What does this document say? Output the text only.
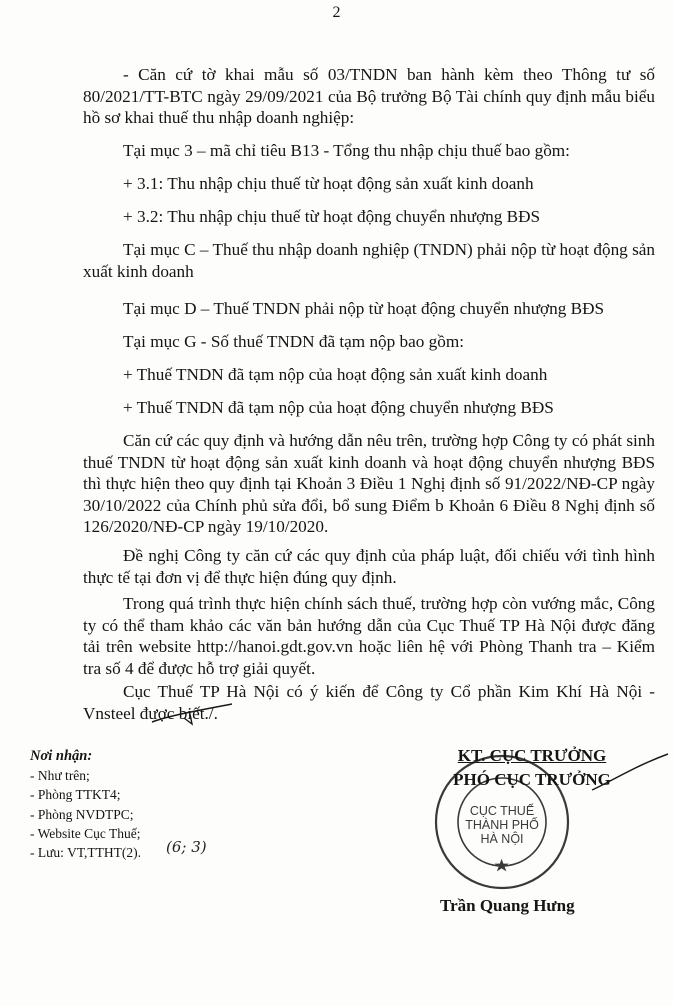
2

- Căn cứ tờ khai mẫu số 03/TNDN ban hành kèm theo Thông tư số 80/2021/TT-BTC ngày 29/09/2021 của Bộ trưởng Bộ Tài chính quy định mẫu biểu hồ sơ khai thuế thu nhập doanh nghiệp:

Tại mục 3 – mã chỉ tiêu B13 - Tổng thu nhập chịu thuế bao gồm:

+ 3.1: Thu nhập chịu thuế từ hoạt động sản xuất kinh doanh

+ 3.2: Thu nhập chịu thuế từ hoạt động chuyển nhượng BĐS

Tại mục C – Thuế thu nhập doanh nghiệp (TNDN) phải nộp từ hoạt động sản xuất kinh doanh

Tại mục D – Thuế TNDN phải nộp từ hoạt động chuyển nhượng BĐS

Tại mục G - Số thuế TNDN đã tạm nộp bao gồm:

+ Thuế TNDN đã tạm nộp của hoạt động sản xuất kinh doanh

+ Thuế TNDN đã tạm nộp của hoạt động chuyển nhượng BĐS

Căn cứ các quy định và hướng dẫn nêu trên, trường hợp Công ty có phát sinh thuế TNDN từ hoạt động sản xuất kinh doanh và hoạt động chuyển nhượng BĐS thì thực hiện theo quy định tại Khoản 3 Điều 1 Nghị định số 91/2022/NĐ-CP ngày 30/10/2022 của Chính phủ sửa đổi, bổ sung Điểm b Khoản 6 Điều 8 Nghị định số 126/2020/NĐ-CP ngày 19/10/2020.

Đề nghị Công ty căn cứ các quy định của pháp luật, đối chiếu với tình hình thực tế tại đơn vị để thực hiện đúng quy định.

Trong quá trình thực hiện chính sách thuế, trường hợp còn vướng mắc, Công ty có thể tham khảo các văn bản hướng dẫn của Cục Thuế TP Hà Nội được đăng tải trên website http://hanoi.gdt.gov.vn hoặc liên hệ với Phòng Thanh tra – Kiểm tra số 4 để được hỗ trợ giải quyết.

Cục Thuế TP Hà Nội có ý kiến để Công ty Cổ phần Kim Khí Hà Nội - Vnsteel được biết./.

Nơi nhận:
- Như trên;
- Phòng TTKT4;
- Phòng NVDTPC;
- Website Cục Thuế;
- Lưu: VT,TTHT(2). (6; 3)
CỤC THUẾ
THÀNH PHỐ
HÀ NỘI
KT. CỤC TRƯỞNG
PHÓ CỤC TRƯỞNG
Trần Quang Hưng
